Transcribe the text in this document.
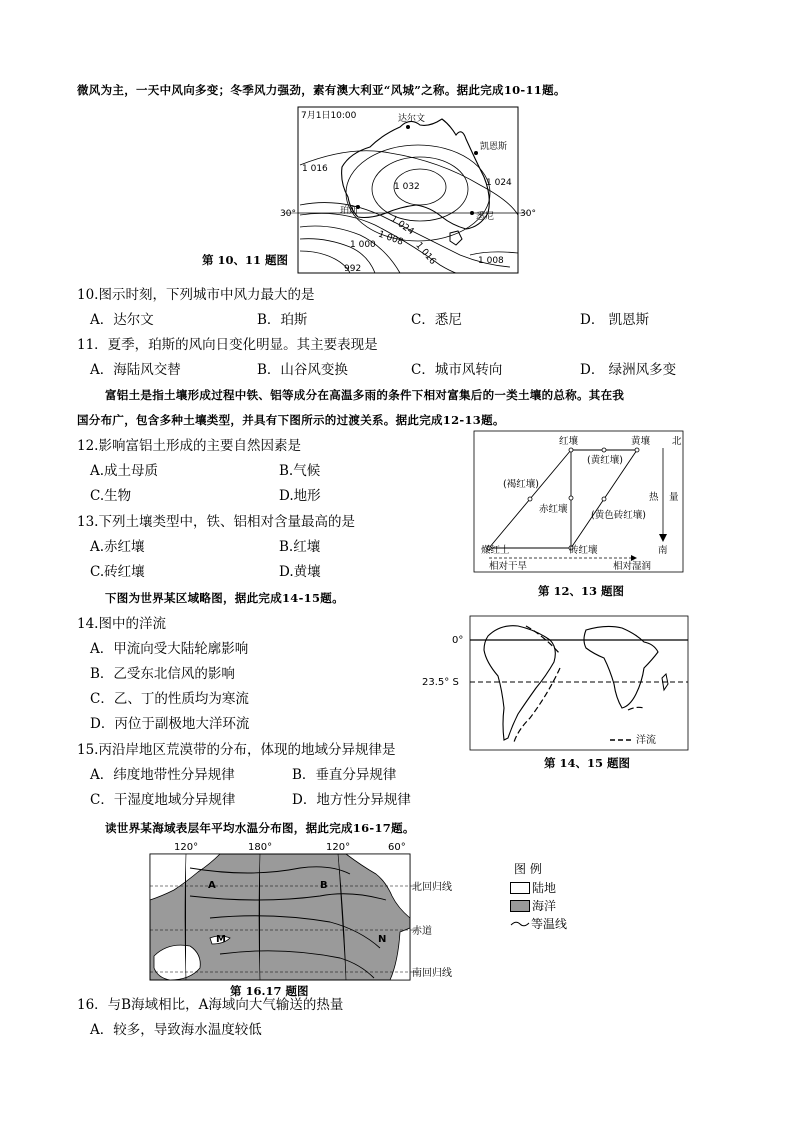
微风为主，一天中风向多变；冬季风力强劲，素有澳大利亚“风城”之称。据此完成10-11题。
7月1日10:00	达尔文
凯恩斯
珀斯
悉尼
1 016
1 032	1 024
1 024
1 008
1 000
992
1 008
1 016
30°	30°
第 10、11 题图
10.图示时刻，下列城市中风力最大的是
A．达尔文	B．珀斯	C．悉尼	D． 凯恩斯
11．夏季，珀斯的风向日变化明显。其主要表现是
A．海陆风交替	B．山谷风变换	C．城市风转向	D． 绿洲风多变
富铝土是指土壤形成过程中铁、铝等成分在高温多雨的条件下相对富集后的一类土壤的总称。其在我
国分布广，包含多种土壤类型，并具有下图所示的过渡关系。据此完成12-13题。
12.影响富铝土形成的主要自然因素是
A.成土母质	B.气候
C.生物	D.地形
13.下列土壤类型中，铁、铝相对含量最高的是
A.赤红壤	B.红壤
C.砖红壤	D.黄壤
红壤	黄壤 北
(黄红壤)
(褐红壤)
赤红壤
(黄色砖红壤)
热 量
燥红土	砖红壤	南
相对干旱	相对湿润
第 12、13 题图
下图为世界某区域略图，据此完成14-15题。
14.图中的洋流
A．甲流向受大陆轮廓影响
B．乙受东北信风的影响
C．乙、丁的性质均为寒流
D．丙位于副极地大洋环流
15.丙沿岸地区荒漠带的分布，体现的地域分异规律是
A．纬度地带性分异规律	B．垂直分异规律
C．干湿度地域分异规律	D．地方性分异规律
0°
23.5° S
洋流
第 14、15 题图
读世界某海域表层年平均水温分布图，据此完成16-17题。
120°	180°	120°	60°
北回归线
赤道
南回归线
A	B
M	N
第 16.17 题图
图 例
陆地
海洋
等温线
16．与B海域相比，A海域向大气输送的热量
A．较多，导致海水温度较低
